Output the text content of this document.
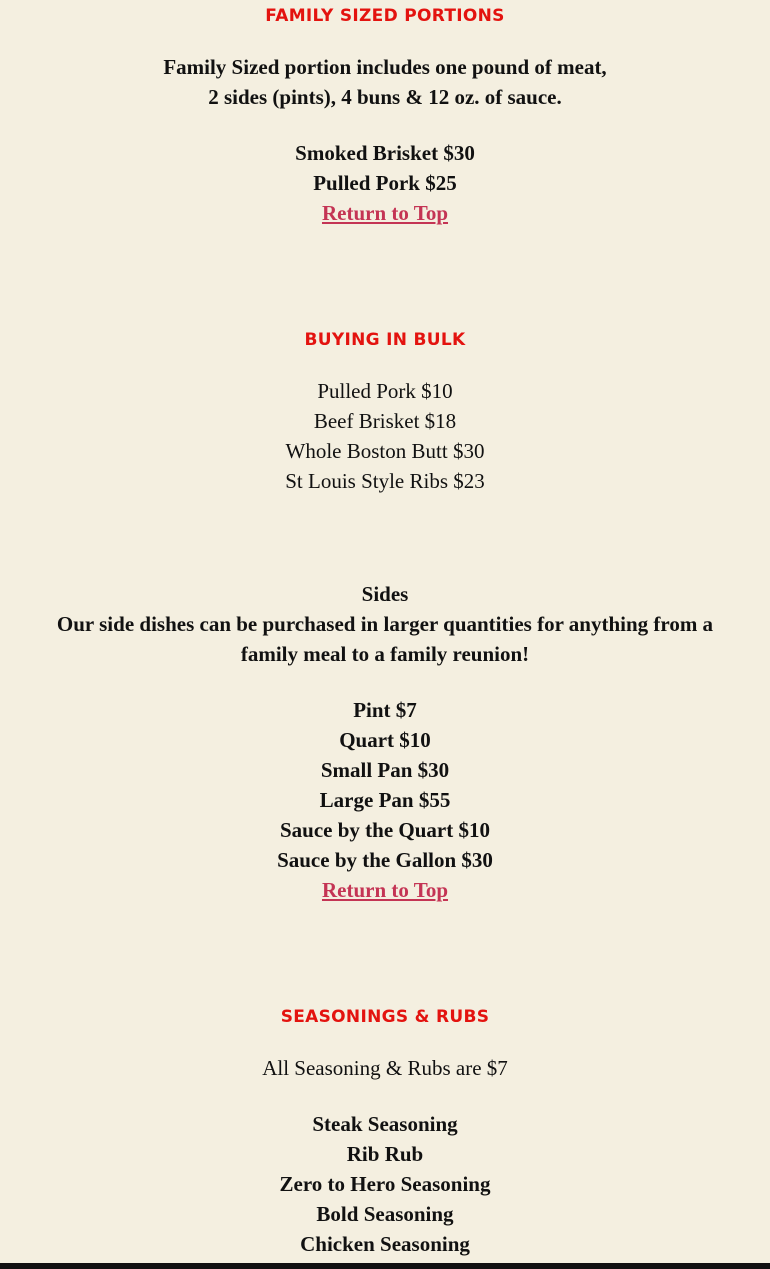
FAMILY SIZED PORTIONS

Family Sized portion includes one pound of meat,

2 sides (pints), 4 buns & 12 oz. of sauce.

Smoked Brisket $30

Pulled Pork $25

Return to Top

BUYING IN BULK

Pulled Pork $10

Beef Brisket $18

Whole Boston Butt $30

St Louis Style Ribs $23

Sides

Our side dishes can be purchased in larger quantities for anything from a

family meal to a family reunion!

Pint $7

Quart $10

Small Pan $30

Large Pan $55

Sauce by the Quart $10

Sauce by the Gallon $30

Return to Top

SEASONINGS & RUBS

All Seasoning & Rubs are $7

Steak Seasoning

Rib Rub

Zero to Hero Seasoning

Bold Seasoning

Chicken Seasoning
